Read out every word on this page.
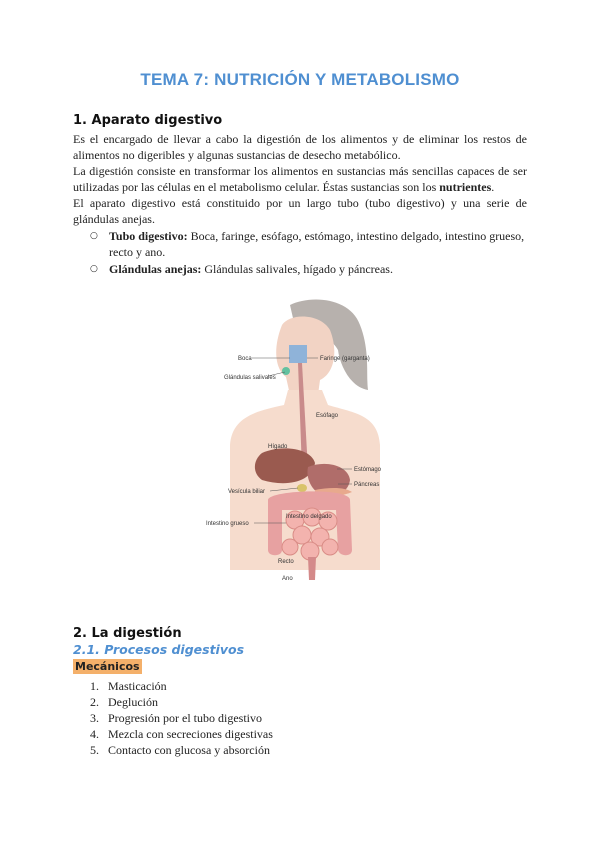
TEMA 7: NUTRICIÓN Y METABOLISMO
1. Aparato digestivo
Es el encargado de llevar a cabo la digestión de los alimentos y de eliminar los restos de alimentos no digeribles y algunas sustancias de desecho metabólico.
La digestión consiste en transformar los alimentos en sustancias más sencillas capaces de ser utilizadas por las células en el metabolismo celular. Éstas sustancias son los nutrientes.
El aparato digestivo está constituido por un largo tubo (tubo digestivo) y una serie de glándulas anejas.
○ Tubo digestivo: Boca, faringe, esófago, estómago, intestino delgado, intestino grueso, recto y ano.
○ Glándulas anejas: Glándulas salivales, hígado y páncreas.
Boca	Faringe (garganta)
Glándulas salivales
Esófago
Hígado
Estómago
Páncreas
Vesícula biliar
Intestino delgado
Intestino grueso
Recto
Ano
2. La digestión
2.1. Procesos digestivos
Mecánicos
1. Masticación
2. Deglución
3. Progresión por el tubo digestivo
4. Mezcla con secreciones digestivas
5. Contacto con glucosa y absorción
